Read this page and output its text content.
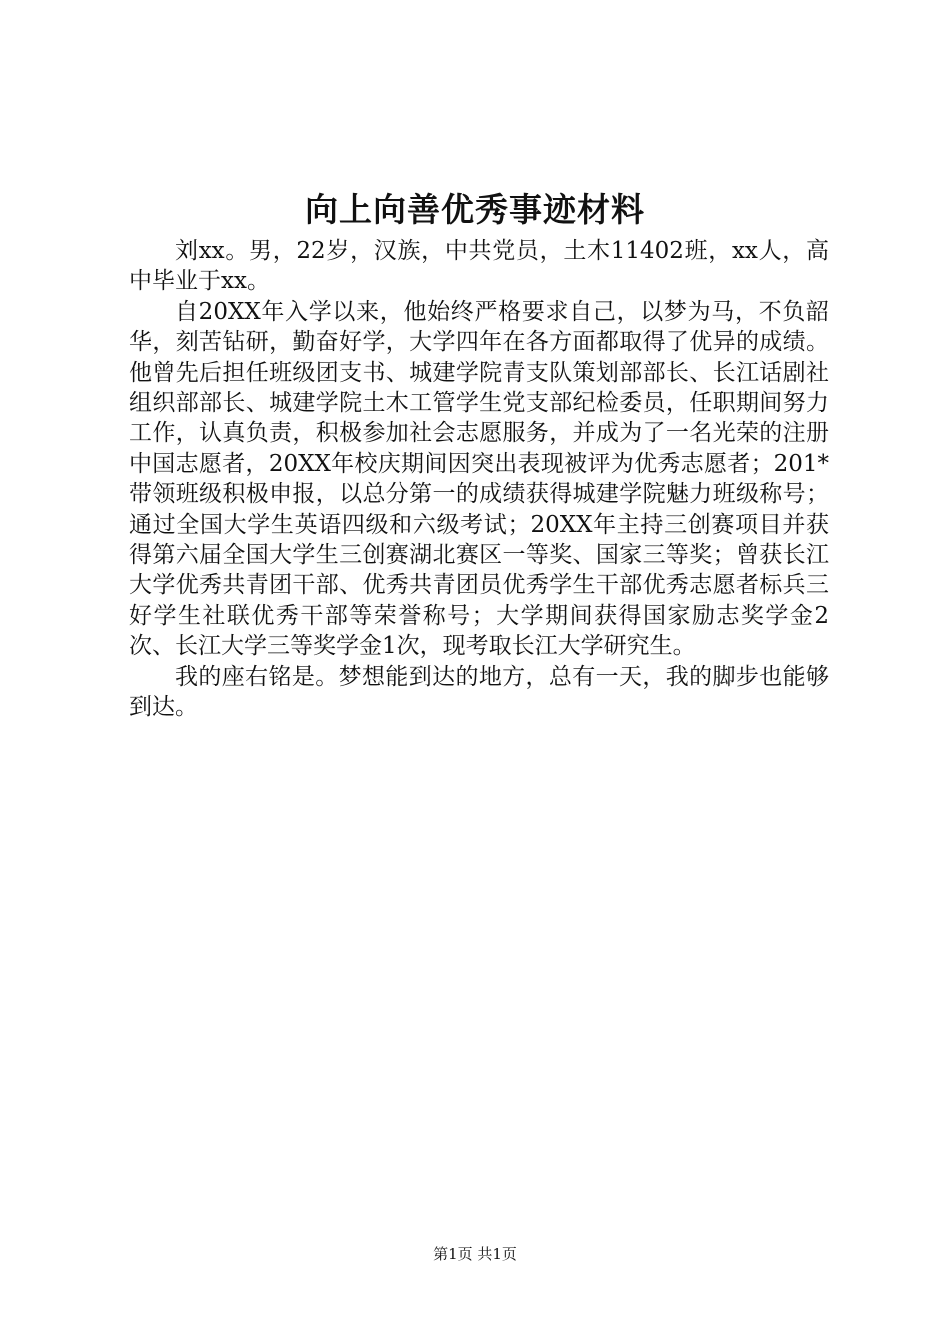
向上向善优秀事迹材料

刘xx。男，22岁，汉族，中共党员，土木11402班，xx人，高中毕业于xx。

自20XX年入学以来，他始终严格要求自己，以梦为马，不负韶华，刻苦钻研，勤奋好学，大学四年在各方面都取得了优异的成绩。他曾先后担任班级团支书、城建学院青支队策划部部长、长江话剧社组织部部长、城建学院土木工管学生党支部纪检委员，任职期间努力工作，认真负责，积极参加社会志愿服务，并成为了一名光荣的注册中国志愿者，20XX年校庆期间因突出表现被评为优秀志愿者；201*带领班级积极申报，以总分第一的成绩获得城建学院魅力班级称号；通过全国大学生英语四级和六级考试；20XX年主持三创赛项目并获得第六届全国大学生三创赛湖北赛区一等奖、国家三等奖；曾获长江大学优秀共青团干部、优秀共青团员优秀学生干部优秀志愿者标兵三好学生社联优秀干部等荣誉称号；大学期间获得国家励志奖学金2次、长江大学三等奖学金1次，现考取长江大学研究生。

我的座右铭是。梦想能到达的地方，总有一天，我的脚步也能够到达。

第1页 共1页
